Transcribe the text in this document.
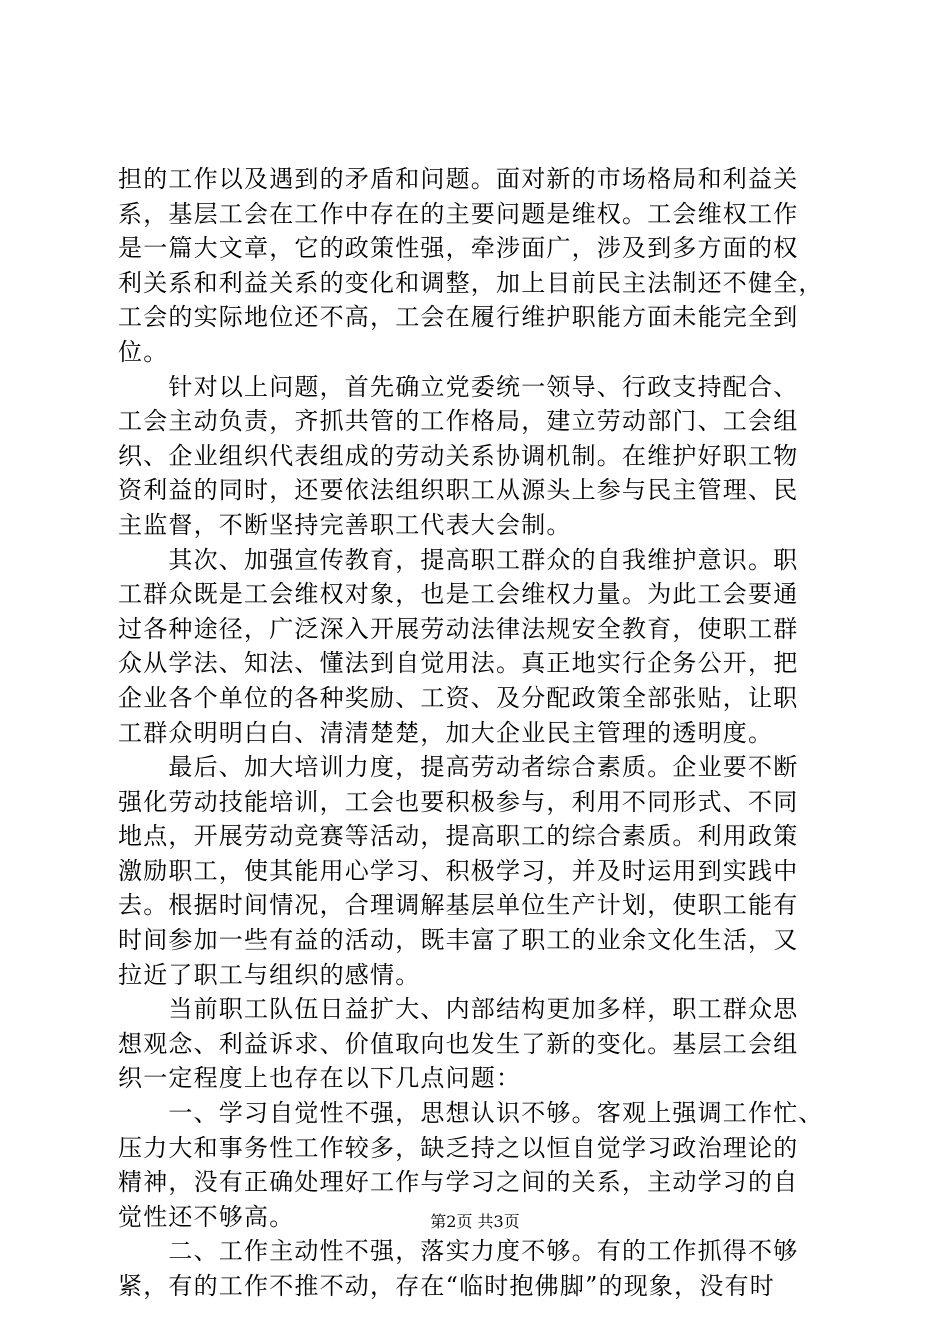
担的工作以及遇到的矛盾和问题。面对新的市场格局和利益关
系，基层工会在工作中存在的主要问题是维权。工会维权工作
是一篇大文章，它的政策性强，牵涉面广，涉及到多方面的权
利关系和利益关系的变化和调整，加上目前民主法制还不健全，
工会的实际地位还不高，工会在履行维护职能方面未能完全到
位。
　　针对以上问题，首先确立党委统一领导、行政支持配合、
工会主动负责，齐抓共管的工作格局，建立劳动部门、工会组
织、企业组织代表组成的劳动关系协调机制。在维护好职工物
资利益的同时，还要依法组织职工从源头上参与民主管理、民
主监督，不断坚持完善职工代表大会制。
　　其次、加强宣传教育，提高职工群众的自我维护意识。职
工群众既是工会维权对象，也是工会维权力量。为此工会要通
过各种途径，广泛深入开展劳动法律法规安全教育，使职工群
众从学法、知法、懂法到自觉用法。真正地实行企务公开，把
企业各个单位的各种奖励、工资、及分配政策全部张贴，让职
工群众明明白白、清清楚楚，加大企业民主管理的透明度。
　　最后、加大培训力度，提高劳动者综合素质。企业要不断
强化劳动技能培训，工会也要积极参与，利用不同形式、不同
地点，开展劳动竞赛等活动，提高职工的综合素质。利用政策
激励职工，使其能用心学习、积极学习，并及时运用到实践中
去。根据时间情况，合理调解基层单位生产计划，使职工能有
时间参加一些有益的活动，既丰富了职工的业余文化生活，又
拉近了职工与组织的感情。
　　当前职工队伍日益扩大、内部结构更加多样，职工群众思
想观念、利益诉求、价值取向也发生了新的变化。基层工会组
织一定程度上也存在以下几点问题：
　　一、学习自觉性不强，思想认识不够。客观上强调工作忙、
压力大和事务性工作较多，缺乏持之以恒自觉学习政治理论的
精神，没有正确处理好工作与学习之间的关系，主动学习的自
觉性还不够高。
　　二、工作主动性不强，落实力度不够。有的工作抓得不够
紧，有的工作不推不动，存在“临时抱佛脚”的现象，没有时
第2页 共3页
